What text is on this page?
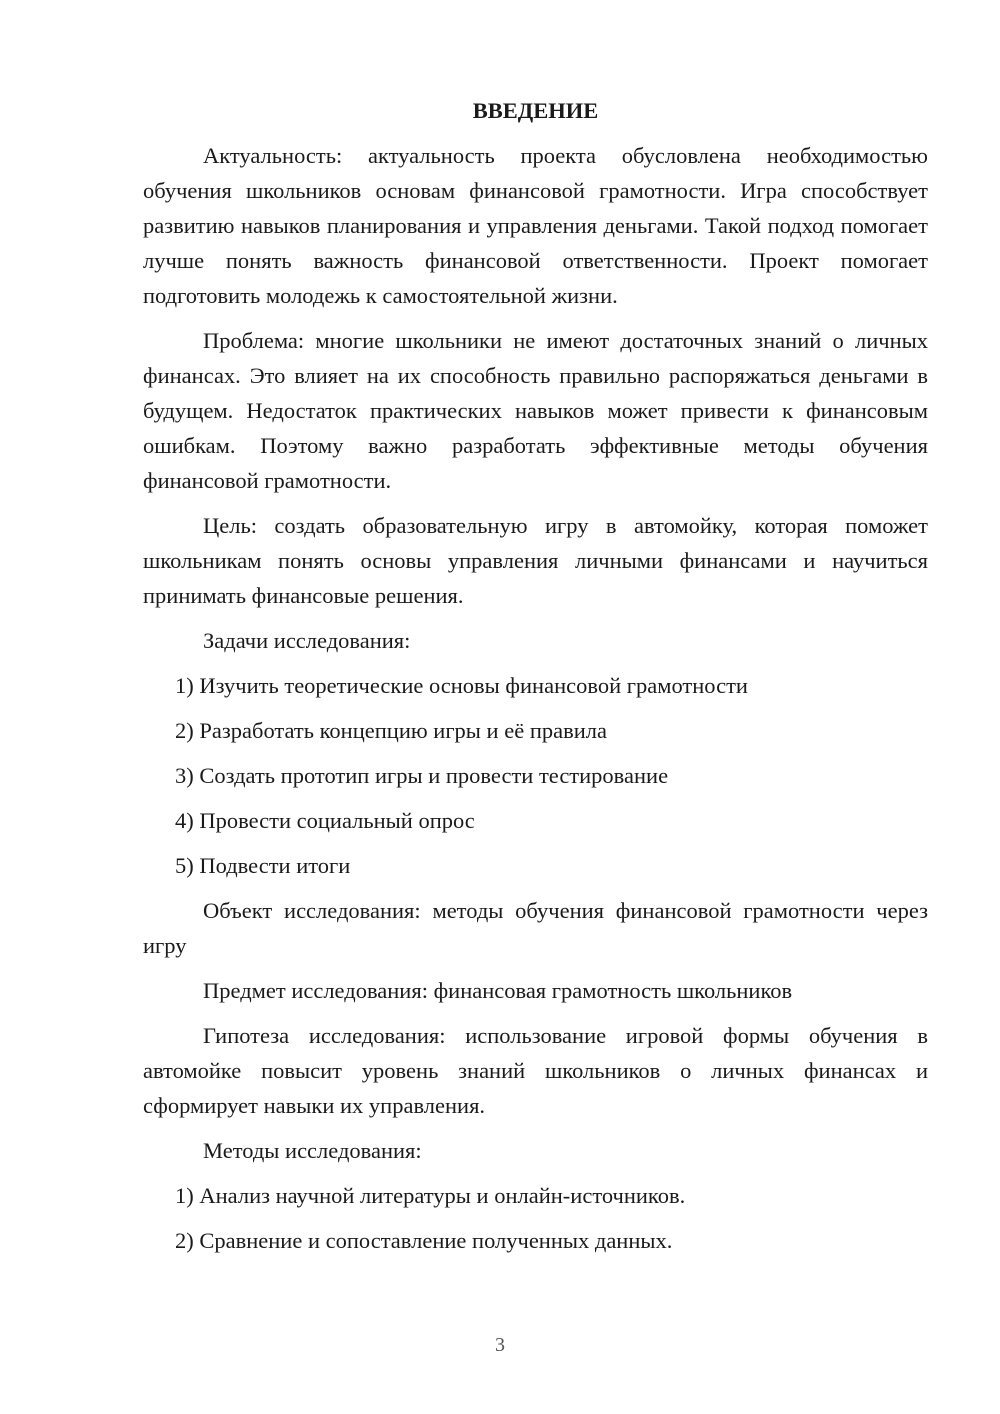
ВВЕДЕНИЕ

Актуальность: актуальность проекта обусловлена необходимостью обучения школьников основам финансовой грамотности. Игра способствует развитию навыков планирования и управления деньгами. Такой подход помогает лучше понять важность финансовой ответственности. Проект помогает подготовить молодежь к самостоятельной жизни.

Проблема: многие школьники не имеют достаточных знаний о личных финансах. Это влияет на их способность правильно распоряжаться деньгами в будущем. Недостаток практических навыков может привести к финансовым ошибкам. Поэтому важно разработать эффективные методы обучения финансовой грамотности.

Цель: создать образовательную игру в автомойку, которая поможет школьникам понять основы управления личными финансами и научиться принимать финансовые решения.

Задачи исследования:

1) Изучить теоретические основы финансовой грамотности

2) Разработать концепцию игры и её правила

3) Создать прототип игры и провести тестирование

4) Провести социальный опрос

5) Подвести итоги

Объект исследования: методы обучения финансовой грамотности через игру

Предмет исследования: финансовая грамотность школьников

Гипотеза исследования: использование игровой формы обучения в автомойке повысит уровень знаний школьников о личных финансах и сформирует навыки их управления.

Методы исследования:

1) Анализ научной литературы и онлайн-источников.

2) Сравнение и сопоставление полученных данных.

3
